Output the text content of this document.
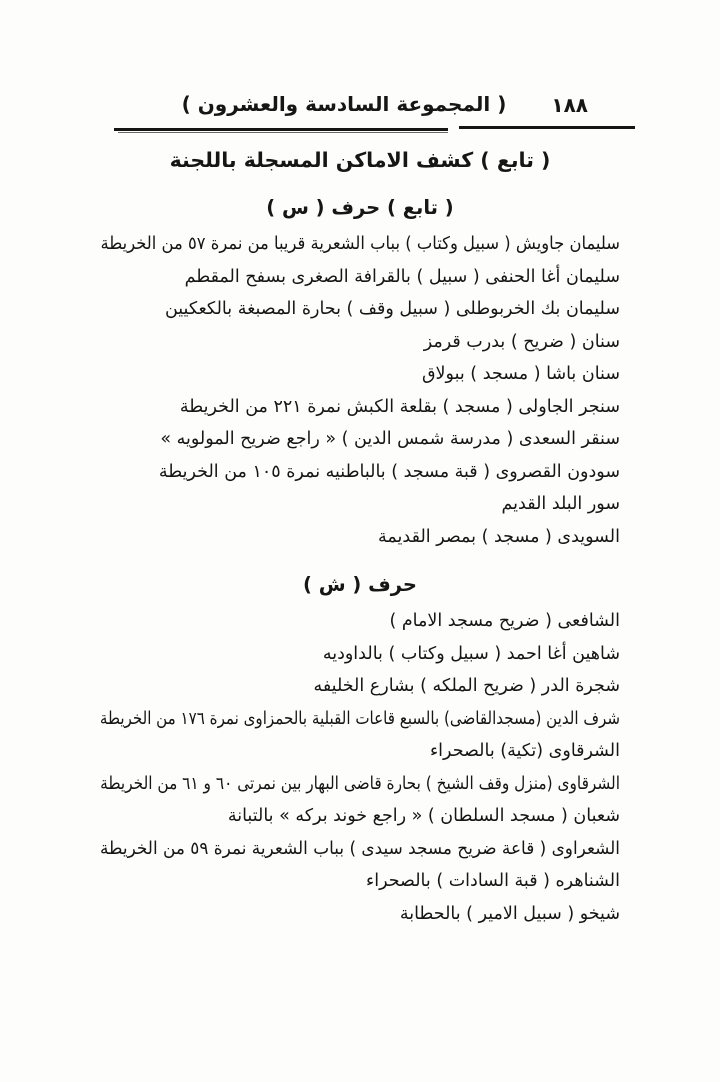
( المجموعة السادسة والعشرون )	١٨٨
( تابع ) كشف الاماكن المسجلة باللجنة
( تابع ) حرف ( س )
سليمان جاويش ( سبيل وكتاب ) بباب الشعرية قريبا من نمرة ٥٧ من الخريطة
سليمان أغا الحنفى ( سبيل ) بالقرافة الصغرى بسفح المقطم
سليمان بك الخربوطلى ( سبيل وقف ) بحارة المصبغة بالكعكيين
سنان ( ضريح ) بدرب قرمز
سنان باشا ( مسجد ) ببولاق
سنجر الجاولى ( مسجد ) بقلعة الكبش نمرة ٢٢١ من الخريطة
سنقر السعدى ( مدرسة شمس الدين ) « راجع ضريح المولويه »
سودون القصروى ( قبة مسجد ) بالباطنيه نمرة ١٠٥ من الخريطة
سور البلد القديم
السويدى ( مسجد ) بمصر القديمة
حرف ( ش )
الشافعى ( ضريح مسجد الامام )
شاهين أغا احمد ( سبيل وكتاب ) بالداوديه
شجرة الدر ( ضريح الملكه ) بشارع الخليفه
شرف الدين (مسجدالقاضى) بالسبع قاعات القبلية بالحمزاوى نمرة ١٧٦ من الخريطة
الشرقاوى (تكية) بالصحراء
الشرقاوى (منزل وقف الشيخ ) بحارة قاضى البهار بين نمرتى ٦٠ و ٦١ من الخريطة
شعبان ( مسجد السلطان ) « راجع خوند بركه » بالتبانة
الشعراوى ( قاعة ضريح مسجد سيدى ) بباب الشعرية نمرة ٥٩ من الخريطة
الشناهره ( قبة السادات ) بالصحراء
شيخو ( سبيل الامير ) بالحطابة
